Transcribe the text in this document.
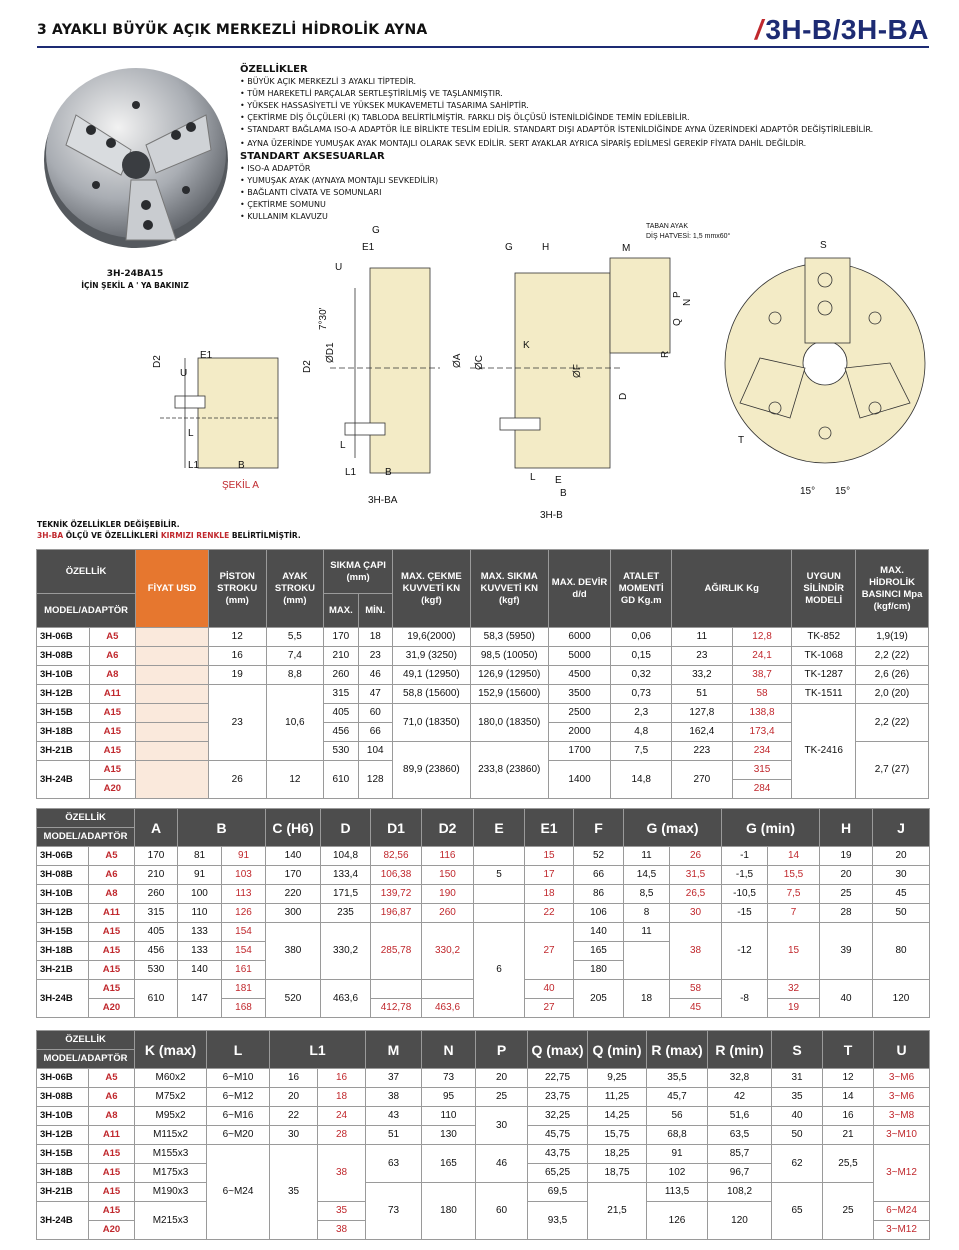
3 AYAKLI BÜYÜK AÇIK MERKEZLİ HİDROLİK AYNA	/3H-B/3H-BA
3H-24BA15
İÇİN ŞEKİL A ' YA BAKINIZ
ÖZELLİKLER
• BÜYÜK AÇIK MERKEZLİ 3 AYAKLI TİPTEDİR.
• TÜM HAREKETLİ PARÇALAR SERTLEŞTİRİLMİŞ VE TAŞLANMIŞTIR.
• YÜKSEK HASSASİYETLİ VE YÜKSEK MUKAVEMETLİ TASARIMA SAHİPTİR.
• ÇEKTİRME DİŞ ÖLÇÜLERİ (K) TABLODA BELİRTİLMİŞTİR. FARKLI DİŞ ÖLÇÜSÜ İSTENİLDİĞİNDE TEMİN EDİLEBİLİR.
• STANDART BAĞLAMA ISO-A ADAPTÖR İLE BİRLİKTE TESLİM EDİLİR. STANDART DIŞI ADAPTÖR İSTENİLDİĞİNDE AYNA ÜZERİNDEKİ ADAPTÖR DEĞİŞTİRİLEBİLİR.
• AYNA ÜZERİNDE YUMUŞAK AYAK MONTAJLI OLARAK SEVK EDİLİR. SERT AYAKLAR AYRICA SİPARİŞ EDİLMESİ GEREKİP FİYATA DAHİL DEĞİLDİR.
STANDART AKSESUARLAR
• ISO-A ADAPTÖR
• YUMUŞAK AYAK (AYNAYA MONTAJLI SEVKEDİLİR)
• BAĞLANTI CİVATA VE SOMUNLARI
• ÇEKTİRME SOMUNU
• KULLANIM KLAVUZU
E1
U
D2
L
L1	B
ŞEKİL A
G
E1
U
7°30'
D2
ØD1
L
L1	B
3H-BA
G	H	M
TABAN AYAK
DİŞ HATVESİ: 1,5 mmx60°
ØA ØC
K
L E
B
ØF
D
N
P
Q
R
3H-B
S
T
15° 15°
TEKNİK ÖZELLİKLER DEĞİŞEBİLİR.
3H-BA ÖLÇÜ VE ÖZELLİKLERİ KIRMIZI RENKLE BELİRTİLMİŞTİR.
ÖZELLİK		FİYAT USD	PİSTON STROKU (mm)	AYAK STROKU (mm)	SIKMA ÇAPI (mm)		MAX. ÇEKME KUVVETİ KN (kgf)	MAX. SIKMA KUVVETİ KN (kgf)	MAX. DEVİR d/d	ATALET MOMENTİ GD Kg.m	AĞIRLIK Kg		UYGUN SİLİNDİR MODELİ	MAX. HİDROLİK BASINCI Mpa (kgf/cm)
MODEL/ADAPTÖR					MAX.	MİN.								
3H-06B	A5		12	5,5	170	18	19,6(2000)	58,3 (5950)	6000	0,06	11	12,8	TK-852	1,9(19)
3H-08B	A6		16	7,4	210	23	31,9 (3250)	98,5 (10050)	5000	0,15	23	24,1	TK-1068	2,2 (22)
3H-10B	A8		19	8,8	260	46	49,1 (12950)	126,9 (12950)	4500	0,32	33,2	38,7	TK-1287	2,6 (26)
3H-12B	A11		23	10,6	315	47	58,8 (15600)	152,9 (15600)	3500	0,73	51	58	TK-1511	2,0 (20)
3H-15B	A15				405	60	71,0 (18350)	180,0 (18350)	2500	2,3	127,8	138,8	TK-2416	2,2 (22)
3H-18B	A15				456	66			2000	4,8	162,4	173,4		
3H-21B	A15				530	104	89,9 (23860)	233,8 (23860)	1700	7,5	223	234		2,7 (27)
3H-24B	A15		26	12	610	128			1400	14,8	270	315		
	A20											284		
ÖZELLİK		A	B		C (H6)	D	D1	D2	E	E1	F	G (max)		G (min)		H	J
MODEL/ADAPTÖR																	
3H-06B	A5	170	81	91	140	104,8	82,56	116		15	52	11	26	-1	14	19	20
3H-08B	A6	210	91	103	170	133,4	106,38	150	5	17	66	14,5	31,5	-1,5	15,5	20	30
3H-10B	A8	260	100	113	220	171,5	139,72	190		18	86	8,5	26,5	-10,5	7,5	25	45
3H-12B	A11	315	110	126	300	235	196,87	260		22	106	8	30	-15	7	28	50
3H-15B	A15	405	133	154	380	330,2	285,78	330,2	6	27	140	11	38	-12	15	39	80
3H-18B	A15	456	133	154							165						
3H-21B	A15	530	140	161							180						
3H-24B	A15	610	147	181	520	463,6				40	205	18	58	-8	32	40	120
	A20			168			412,78	463,6		27			45		19		
ÖZELLİK		K (max)	L	L1		M	N	P	Q (max)	Q (min)	R (max)	R (min)	S	T	U
MODEL/ADAPTÖR															
3H-06B	A5	M60x2	6~M10	16	16	37	73	20	22,75	9,25	35,5	32,8	31	12	3~M6
3H-08B	A6	M75x2	6~M12	20	18	38	95	25	23,75	11,25	45,7	42	35	14	3~M6
3H-10B	A8	M95x2	6~M16	22	24	43	110	30	32,25	14,25	56	51,6	40	16	3~M8
3H-12B	A11	M115x2	6~M20	30	28	51	130		45,75	15,75	68,8	63,5	50	21	3~M10
3H-15B	A15	M155x3	6~M24	35	38	63	165	46	43,75	18,25	91	85,7	62	25,5	3~M12
3H-18B	A15	M175x3							65,25	18,75	102	96,7			
3H-21B	A15	M190x3				73	180	60	69,5	21,5	113,5	108,2	65	25	
3H-24B	A15	M215x3			35				93,5		126	120			6~M24
	A20				38										3~M12
